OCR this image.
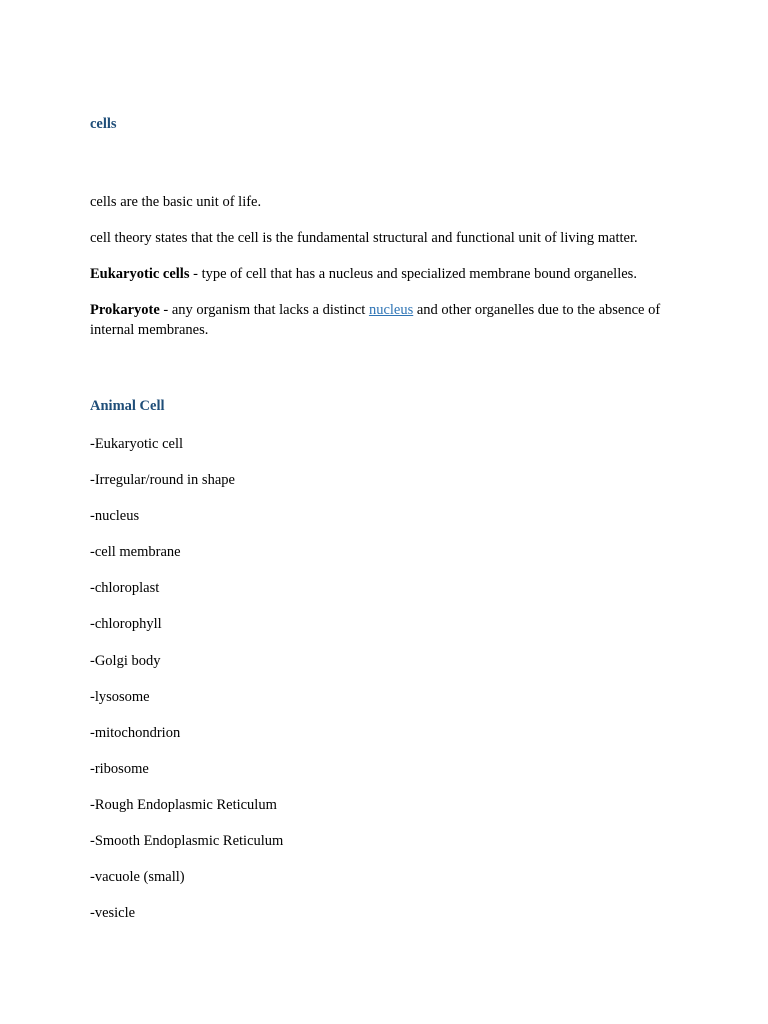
cells

cells are the basic unit of life.

cell theory states that the cell is the fundamental structural and functional unit of living matter.

Eukaryotic cells - type of cell that has a nucleus and specialized membrane bound organelles.

Prokaryote - any organism that lacks a distinct nucleus and other organelles due to the absence of internal membranes.

Animal Cell
-Eukaryotic cell
-Irregular/round in shape
-nucleus
-cell membrane
-chloroplast
-chlorophyll
-Golgi body
-lysosome
-mitochondrion
-ribosome
-Rough Endoplasmic Reticulum
-Smooth Endoplasmic Reticulum
-vacuole (small)
-vesicle
